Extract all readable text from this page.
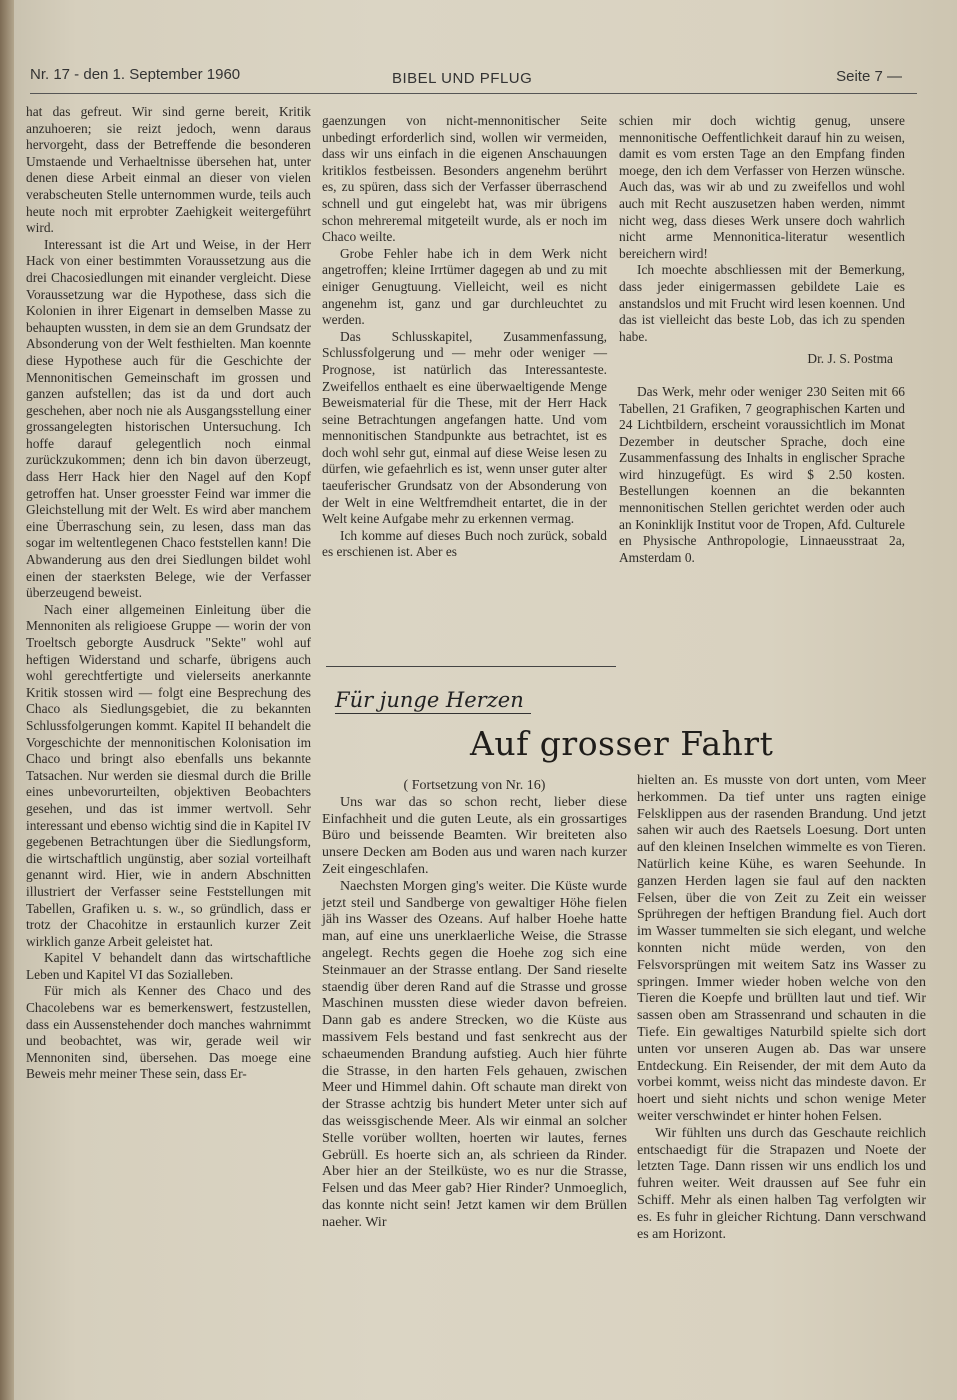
Nr. 17 - den 1. September 1960	BIBEL UND PFLUG	Seite 7 —

hat das gefreut. Wir sind gerne bereit, Kritik anzuhoeren; sie reizt jedoch, wenn daraus hervorgeht, dass der Betreffende die besonderen Umstaende und Verhaeltnisse übersehen hat, unter denen diese Arbeit einmal an dieser von vielen verabscheuten Stelle unternommen wurde, teils auch heute noch mit erprobter Zaehigkeit weitergeführt wird.

Interessant ist die Art und Weise, in der Herr Hack von einer bestimmten Voraussetzung aus die drei Chacosiedlungen mit einander vergleicht. Diese Voraussetzung war die Hypothese, dass sich die Kolonien in ihrer Eigenart in demselben Masse zu behaupten wussten, in dem sie an dem Grundsatz der Absonderung von der Welt festhielten. Man koennte diese Hypothese auch für die Geschichte der Mennonitischen Gemeinschaft im grossen und ganzen aufstellen; das ist da und dort auch geschehen, aber noch nie als Ausgangsstellung einer grossangelegten historischen Untersuchung. Ich hoffe darauf gelegentlich noch einmal zurückzukommen; denn ich bin davon überzeugt, dass Herr Hack hier den Nagel auf den Kopf getroffen hat. Unser groesster Feind war immer die Gleichstellung mit der Welt. Es wird aber manchem eine Überraschung sein, zu lesen, dass man das sogar im weltentlegenen Chaco feststellen kann! Die Abwanderung aus den drei Siedlungen bildet wohl einen der staerksten Belege, wie der Verfasser überzeugend beweist.

Nach einer allgemeinen Einleitung über die Mennoniten als religioese Gruppe — worin der von Troeltsch geborgte Ausdruck "Sekte" wohl auf heftigen Widerstand und scharfe, übrigens auch wohl gerechtfertigte und vielerseits anerkannte Kritik stossen wird — folgt eine Besprechung des Chaco als Siedlungsgebiet, die zu bekannten Schlussfolgerungen kommt. Kapitel II behandelt die Vorgeschichte der mennonitischen Kolonisation im Chaco und bringt also ebenfalls uns bekannte Tatsachen. Nur werden sie diesmal durch die Brille eines unbevorurteilten, objektiven Beobachters gesehen, und das ist immer wertvoll. Sehr interessant und ebenso wichtig sind die in Kapitel IV gegebenen Betrachtungen über die Siedlungsform, die wirtschaftlich ungünstig, aber sozial vorteilhaft genannt wird. Hier, wie in andern Abschnitten illustriert der Verfasser seine Feststellungen mit Tabellen, Grafiken u. s. w., so gründlich, dass er trotz der Chacohitze in erstaunlich kurzer Zeit wirklich ganze Arbeit geleistet hat.

Kapitel V behandelt dann das wirtschaftliche Leben und Kapitel VI das Sozialleben.

Für mich als Kenner des Chaco und des Chacolebens war es bemerkenswert, festzustellen, dass ein Aussenstehender doch manches wahrnimmt und beobachtet, was wir, gerade weil wir Mennoniten sind, übersehen. Das moege eine Beweis mehr meiner These sein, dass Er-

gaenzungen von nicht-mennonitischer Seite unbedingt erforderlich sind, wollen wir vermeiden, dass wir uns einfach in die eigenen Anschauungen kritiklos festbeissen. Besonders angenehm berührt es, zu spüren, dass sich der Verfasser überraschend schnell und gut eingelebt hat, was mir übrigens schon mehreremal mitgeteilt wurde, als er noch im Chaco weilte.

Grobe Fehler habe ich in dem Werk nicht angetroffen; kleine Irrtümer dagegen ab und zu mit einiger Genugtuung. Vielleicht, weil es nicht angenehm ist, ganz und gar durchleuchtet zu werden.

Das Schlusskapitel, Zusammenfassung, Schlussfolgerung und — mehr oder weniger — Prognose, ist natürlich das Interessanteste. Zweifellos enthaelt es eine überwaeltigende Menge Beweismaterial für die These, mit der Herr Hack seine Betrachtungen angefangen hatte. Und vom mennonitischen Standpunkte aus betrachtet, ist es doch wohl sehr gut, einmal auf diese Weise lesen zu dürfen, wie gefaehrlich es ist, wenn unser guter alter taeuferischer Grundsatz von der Absonderung von der Welt in eine Weltfremdheit entartet, die in der Welt keine Aufgabe mehr zu erkennen vermag.

Ich komme auf dieses Buch noch zurück, sobald es erschienen ist. Aber es

schien mir doch wichtig genug, unsere mennonitische Oeffentlichkeit darauf hin zu weisen, damit es vom ersten Tage an den Empfang finden moege, den ich dem Verfasser von Herzen wünsche. Auch das, was wir ab und zu zweifellos und wohl auch mit Recht auszusetzen haben werden, nimmt nicht weg, dass dieses Werk unsere doch wahrlich nicht arme Mennonitica-literatur wesentlich bereichern wird!

Ich moechte abschliessen mit der Bemerkung, dass jeder einigermassen gebildete Laie es anstandslos und mit Frucht wird lesen koennen. Und das ist vielleicht das beste Lob, das ich zu spenden habe.

Dr. J. S. Postma

Das Werk, mehr oder weniger 230 Seiten mit 66 Tabellen, 21 Grafiken, 7 geographischen Karten und 24 Lichtbildern, erscheint voraussichtlich im Monat Dezember in deutscher Sprache, doch eine Zusammenfassung des Inhalts in englischer Sprache wird hinzugefügt. Es wird $ 2.50 kosten. Bestellungen koennen an die bekannten mennonitischen Stellen gerichtet werden oder auch an Koninklijk Institut voor de Tropen, Afd. Culturele en Physische Anthropologie, Linnaeusstraat 2a, Amsterdam 0.

Für junge Herzen
Auf grosser Fahrt

( Fortsetzung von Nr. 16)

Uns war das so schon recht, lieber diese Einfachheit und die guten Leute, als ein grossartiges Büro und beissende Beamten. Wir breiteten also unsere Decken am Boden aus und waren nach kurzer Zeit eingeschlafen.

Naechsten Morgen ging's weiter. Die Küste wurde jetzt steil und Sandberge von gewaltiger Höhe fielen jäh ins Wasser des Ozeans. Auf halber Hoehe hatte man, auf eine uns unerklaerliche Weise, die Strasse angelegt. Rechts gegen die Hoehe zog sich eine Steinmauer an der Strasse entlang. Der Sand rieselte staendig über deren Rand auf die Strasse und grosse Maschinen mussten diese wieder davon befreien. Dann gab es andere Strecken, wo die Küste aus massivem Fels bestand und fast senkrecht aus der schaeumenden Brandung aufstieg. Auch hier führte die Strasse, in den harten Fels gehauen, zwischen Meer und Himmel dahin. Oft schaute man direkt von der Strasse achtzig bis hundert Meter unter sich auf das weissgischende Meer. Als wir einmal an solcher Stelle vorüber wollten, hoerten wir lautes, fernes Gebrüll. Es hoerte sich an, als schrieen da Rinder. Aber hier an der Steilküste, wo es nur die Strasse, Felsen und das Meer gab? Hier Rinder? Unmoeglich, das konnte nicht sein! Jetzt kamen wir dem Brüllen naeher. Wir

hielten an. Es musste von dort unten, vom Meer herkommen. Da tief unter uns ragten einige Felsklippen aus der rasenden Brandung. Und jetzt sahen wir auch des Raetsels Loesung. Dort unten auf den kleinen Inselchen wimmelte es von Tieren. Natürlich keine Kühe, es waren Seehunde. In ganzen Herden lagen sie faul auf den nackten Felsen, über die von Zeit zu Zeit ein weisser Sprühregen der heftigen Brandung fiel. Auch dort im Wasser tummelten sie sich elegant, und welche konnten nicht müde werden, von den Felsvorsprüngen mit weitem Satz ins Wasser zu springen. Immer wieder hoben welche von den Tieren die Koepfe und brüllten laut und tief. Wir sassen oben am Strassenrand und schauten in die Tiefe. Ein gewaltiges Naturbild spielte sich dort unten vor unseren Augen ab. Das war unsere Entdeckung. Ein Reisender, der mit dem Auto da vorbei kommt, weiss nicht das mindeste davon. Er hoert und sieht nichts und schon wenige Meter weiter verschwindet er hinter hohen Felsen.

Wir fühlten uns durch das Geschaute reichlich entschaedigt für die Strapazen und Noete der letzten Tage. Dann rissen wir uns endlich los und fuhren weiter. Weit draussen auf See fuhr ein Schiff. Mehr als einen halben Tag verfolgten wir es. Es fuhr in gleicher Richtung. Dann verschwand es am Horizont.
